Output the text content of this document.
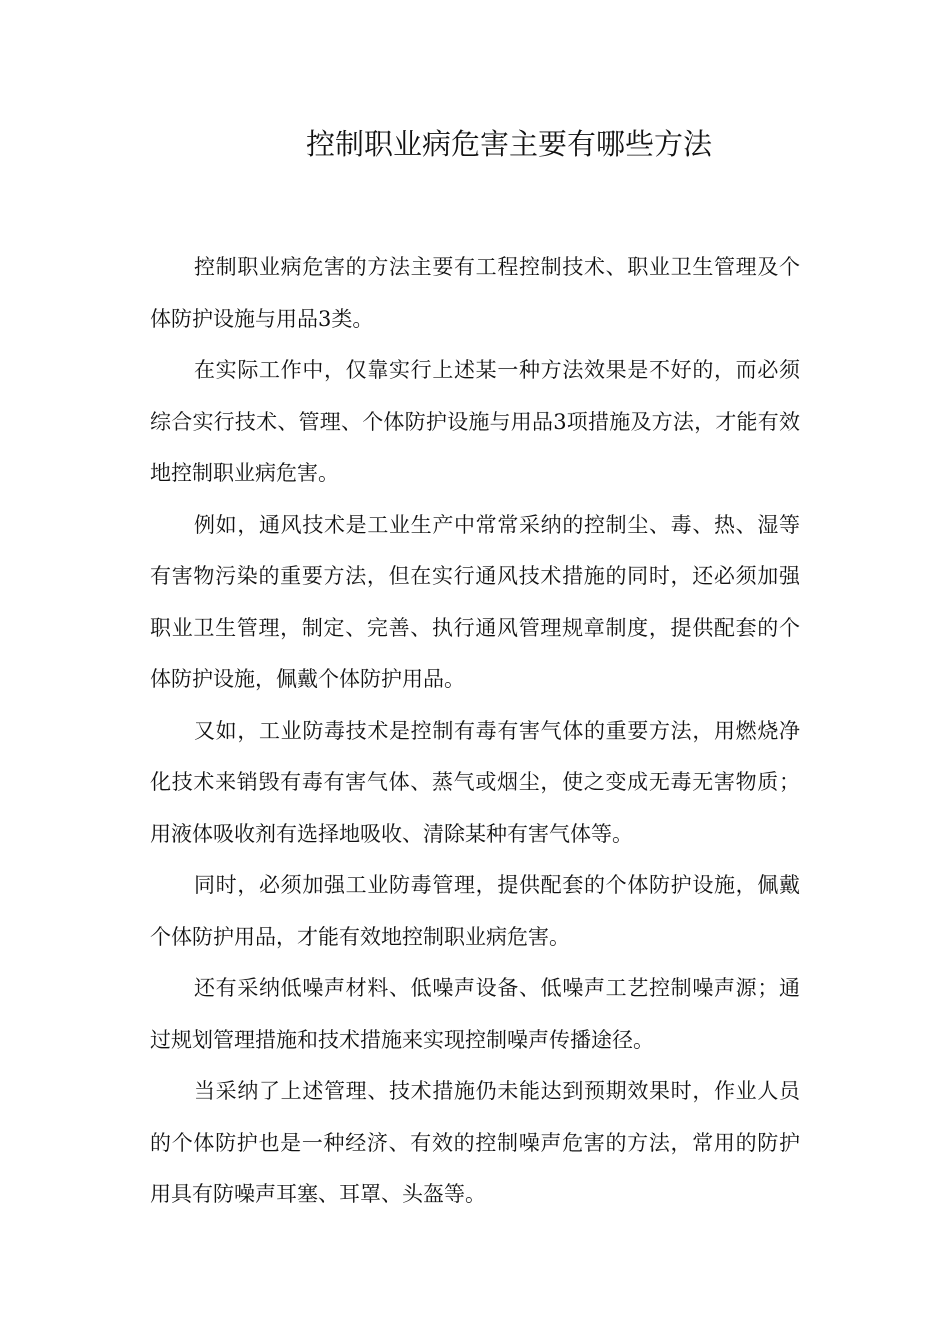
控制职业病危害主要有哪些方法

控制职业病危害的方法主要有工程控制技术、职业卫生管理及个体防护设施与用品3类。

在实际工作中，仅靠实行上述某一种方法效果是不好的，而必须综合实行技术、管理、个体防护设施与用品3项措施及方法，才能有效地控制职业病危害。

例如，通风技术是工业生产中常常采纳的控制尘、毒、热、湿等有害物污染的重要方法，但在实行通风技术措施的同时，还必须加强职业卫生管理，制定、完善、执行通风管理规章制度，提供配套的个体防护设施，佩戴个体防护用品。

又如，工业防毒技术是控制有毒有害气体的重要方法，用燃烧净化技术来销毁有毒有害气体、蒸气或烟尘，使之变成无毒无害物质；用液体吸收剂有选择地吸收、清除某种有害气体等。

同时，必须加强工业防毒管理，提供配套的个体防护设施，佩戴个体防护用品，才能有效地控制职业病危害。

还有采纳低噪声材料、低噪声设备、低噪声工艺控制噪声源；通过规划管理措施和技术措施来实现控制噪声传播途径。

当采纳了上述管理、技术措施仍未能达到预期效果时，作业人员的个体防护也是一种经济、有效的控制噪声危害的方法，常用的防护用具有防噪声耳塞、耳罩、头盔等。
